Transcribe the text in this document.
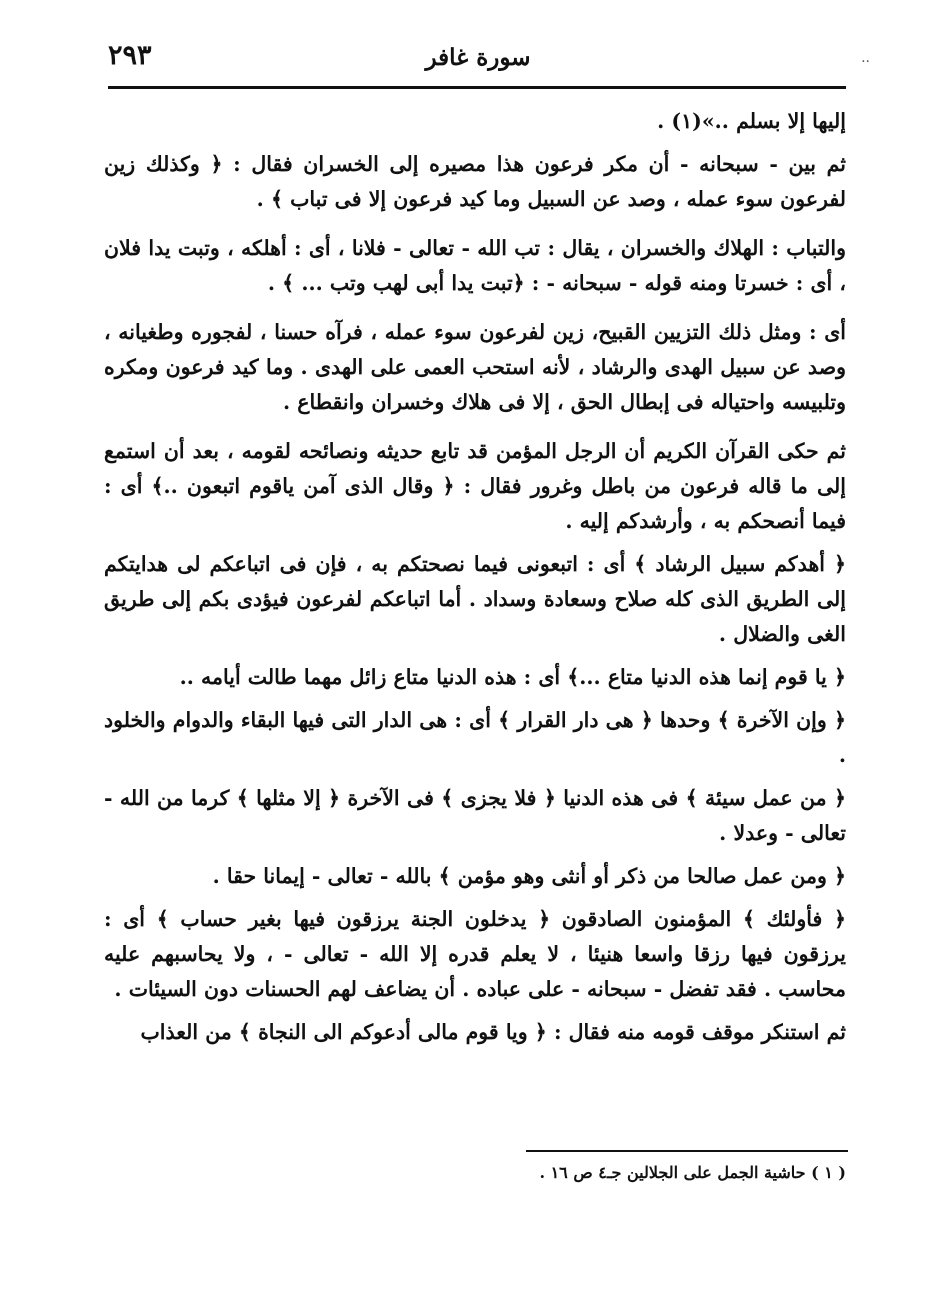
٢٩٣	سورة غافر	..

إليها إلا بسلم ..»(١) .

ثم بين - سبحانه - أن مكر فرعون هذا مصيره إلى الخسران فقال : ﴿ وكذلك زين لفرعون سوء عمله ، وصد عن السبيل وما كيد فرعون إلا فى تباب ﴾ .

والتباب : الهلاك والخسران ، يقال : تب الله - تعالى - فلانا ، أى : أهلكه ، وتبت يدا فلان ، أى : خسرتا ومنه قوله - سبحانه - : ﴿تبت يدا أبى لهب وتب ... ﴾ .

أى : ومثل ذلك التزيين القبيح، زين لفرعون سوء عمله ، فرآه حسنا ، لفجوره وطغيانه ، وصد عن سبيل الهدى والرشاد ، لأنه استحب العمى على الهدى . وما كيد فرعون ومكره وتلبيسه واحتياله فى إبطال الحق ، إلا فى هلاك وخسران وانقطاع .

ثم حكى القرآن الكريم أن الرجل المؤمن قد تابع حديثه ونصائحه لقومه ، بعد أن استمع إلى ما قاله فرعون من باطل وغرور فقال : ﴿ وقال الذى آمن ياقوم اتبعون ..﴾ أى : فيما أنصحكم به ، وأرشدكم إليه .

﴿ أهدكم سبيل الرشاد ﴾ أى : اتبعونى فيما نصحتكم به ، فإن فى اتباعكم لى هدايتكم إلى الطريق الذى كله صلاح وسعادة وسداد . أما اتباعكم لفرعون فيؤدى بكم إلى طريق الغى والضلال .

﴿ يا قوم إنما هذه الدنيا متاع ...﴾ أى : هذه الدنيا متاع زائل مهما طالت أيامه ..

﴿ وإن الآخرة ﴾ وحدها ﴿ هى دار القرار ﴾ أى : هى الدار التى فيها البقاء والدوام والخلود .

﴿ من عمل سيئة ﴾ فى هذه الدنيا ﴿ فلا يجزى ﴾ فى الآخرة ﴿ إلا مثلها ﴾ كرما من الله - تعالى - وعدلا .

﴿ ومن عمل صالحا من ذكر أو أنثى وهو مؤمن ﴾ بالله - تعالى - إيمانا حقا .

﴿ فأولئك ﴾ المؤمنون الصادقون ﴿ يدخلون الجنة يرزقون فيها بغير حساب ﴾ أى : يرزقون فيها رزقا واسعا هنيئا ، لا يعلم قدره إلا الله - تعالى - ، ولا يحاسبهم عليه محاسب . فقد تفضل - سبحانه - على عباده . أن يضاعف لهم الحسنات دون السيئات .

ثم استنكر موقف قومه منه فقال : ﴿ ويا قوم مالى أدعوكم الى النجاة ﴾ من العذاب

( ١ ) حاشية الجمل على الجلالين جـ٤ ص ١٦ .
